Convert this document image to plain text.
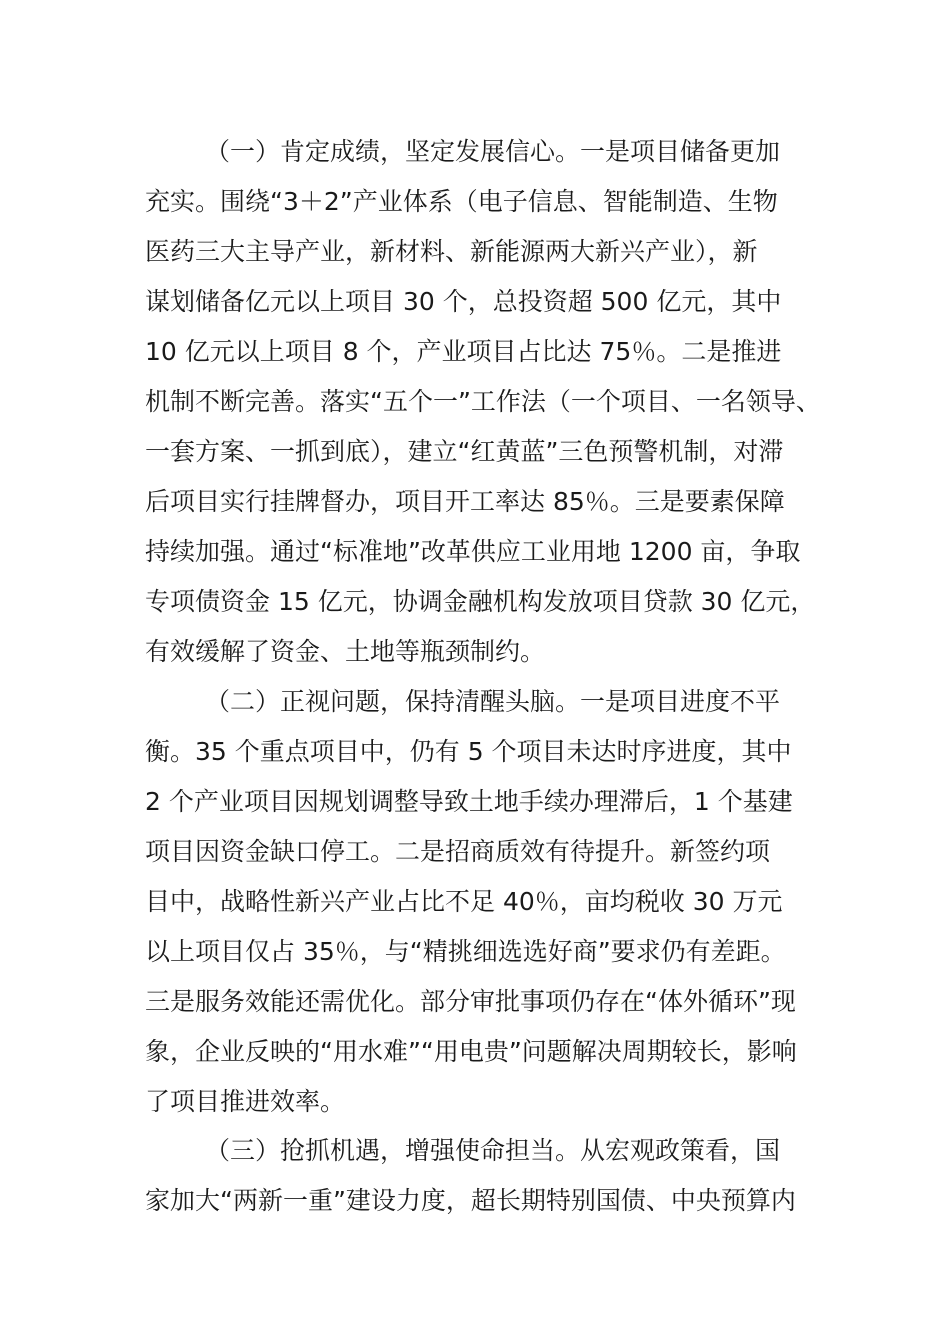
（一）肯定成绩，坚定发展信心。一是项目储备更加

充实。围绕“3＋2”产业体系（电子信息、智能制造、生物

医药三大主导产业，新材料、新能源两大新兴产业），新

谋划储备亿元以上项目 30 个，总投资超 500 亿元，其中

10 亿元以上项目 8 个，产业项目占比达 75％。二是推进

机制不断完善。落实“五个一”工作法（一个项目、一名领导、

一套方案、一抓到底），建立“红黄蓝”三色预警机制，对滞

后项目实行挂牌督办，项目开工率达 85％。三是要素保障

持续加强。通过“标准地”改革供应工业用地 1200 亩，争取

专项债资金 15 亿元，协调金融机构发放项目贷款 30 亿元，

有效缓解了资金、土地等瓶颈制约。

（二）正视问题，保持清醒头脑。一是项目进度不平

衡。35 个重点项目中，仍有 5 个项目未达时序进度，其中

2 个产业项目因规划调整导致土地手续办理滞后，1 个基建

项目因资金缺口停工。二是招商质效有待提升。新签约项

目中，战略性新兴产业占比不足 40％，亩均税收 30 万元

以上项目仅占 35％，与“精挑细选选好商”要求仍有差距。

三是服务效能还需优化。部分审批事项仍存在“体外循环”现

象，企业反映的“用水难”“用电贵”问题解决周期较长，影响

了项目推进效率。

（三）抢抓机遇，增强使命担当。从宏观政策看，国

家加大“两新一重”建设力度，超长期特别国债、中央预算内
